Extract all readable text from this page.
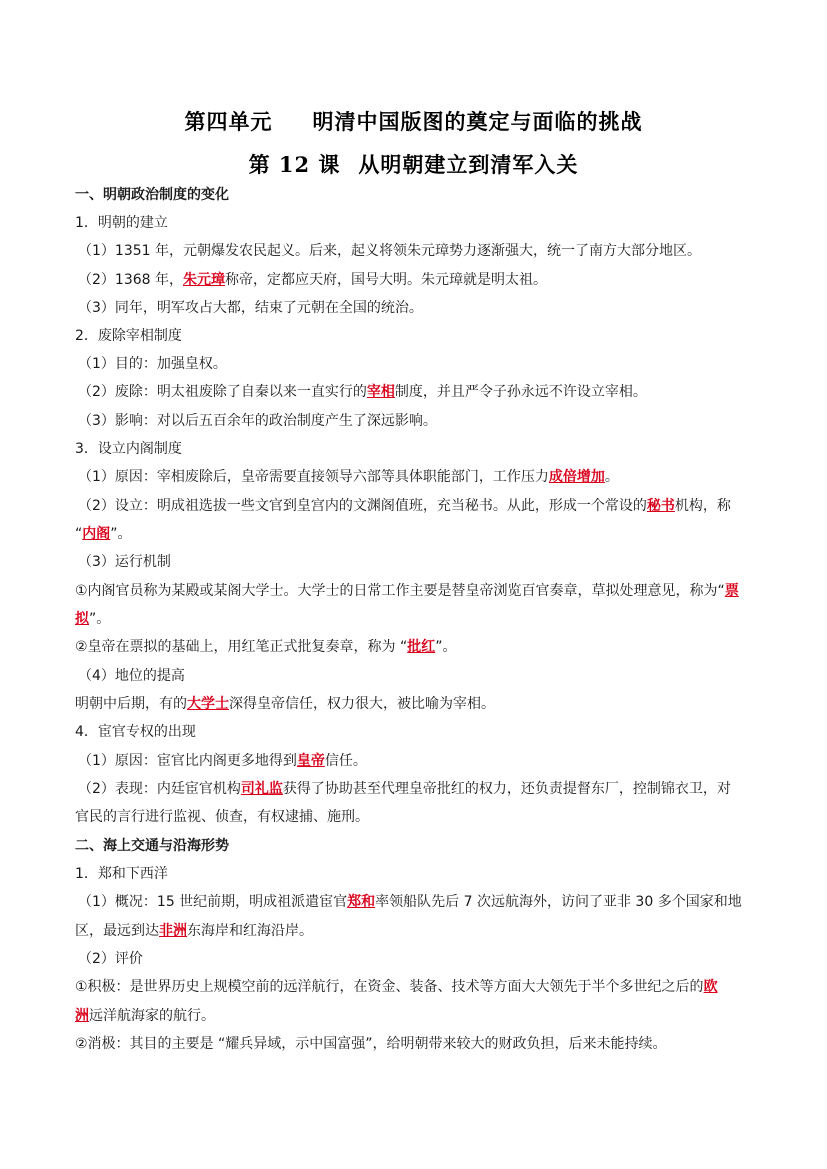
第四单元 明清中国版图的奠定与面临的挑战
第 12 课 从明朝建立到清军入关
一、明朝政治制度的变化
1．明朝的建立
（1）1351 年，元朝爆发农民起义。后来，起义将领朱元璋势力逐渐强大，统一了南方大部分地区。
（2）1368 年，朱元璋称帝，定都应天府，国号大明。朱元璋就是明太祖。
（3）同年，明军攻占大都，结束了元朝在全国的统治。
2．废除宰相制度
（1）目的：加强皇权。
（2）废除：明太祖废除了自秦以来一直实行的宰相制度，并且严令子孙永远不许设立宰相。
（3）影响：对以后五百余年的政治制度产生了深远影响。
3．设立内阁制度
（1）原因：宰相废除后，皇帝需要直接领导六部等具体职能部门，工作压力成倍增加。
（2）设立：明成祖选拔一些文官到皇宫内的文渊阁值班，充当秘书。从此，形成一个常设的秘书机构，称
“内阁”。
（3）运行机制
①内阁官员称为某殿或某阁大学士。大学士的日常工作主要是替皇帝浏览百官奏章，草拟处理意见，称为“票
拟”。
②皇帝在票拟的基础上，用红笔正式批复奏章，称为 “批红”。
（4）地位的提高
明朝中后期，有的大学士深得皇帝信任，权力很大，被比喻为宰相。
4．宦官专权的出现
（1）原因：宦官比内阁更多地得到皇帝信任。
（2）表现：内廷宦官机构司礼监获得了协助甚至代理皇帝批红的权力，还负责提督东厂，控制锦衣卫，对
官民的言行进行监视、侦查，有权逮捕、施刑。
二、海上交通与沿海形势
1．郑和下西洋
（1）概况：15 世纪前期，明成祖派遣宦官郑和率领船队先后 7 次远航海外，访问了亚非 30 多个国家和地
区，最远到达非洲东海岸和红海沿岸。
（2）评价
①积极：是世界历史上规模空前的远洋航行，在资金、装备、技术等方面大大领先于半个多世纪之后的欧
洲远洋航海家的航行。
②消极：其目的主要是 “耀兵异域，示中国富强”，给明朝带来较大的财政负担，后来未能持续。
